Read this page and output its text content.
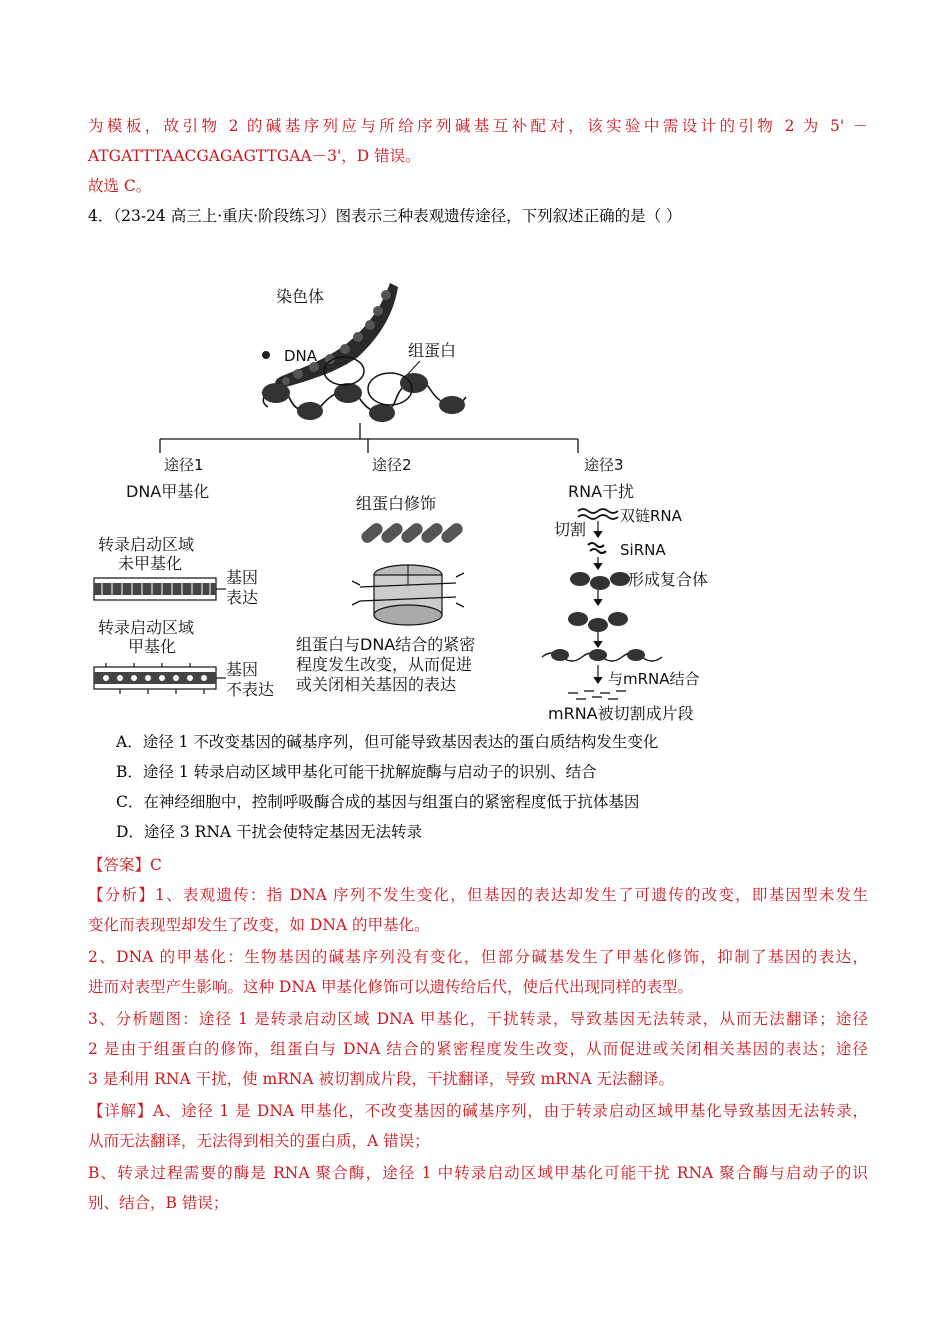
为模板，故引物 2 的碱基序列应与所给序列碱基互补配对，该实验中需设计的引物 2 为 5' －
ATGATTTAACGAGAGTTGAA－3'，D 错误。
故选 C。
4．（23-24 高三上·重庆·阶段练习）图表示三种表观遗传途径，下列叙述正确的是（ ）
染色体
DNA	组蛋白
途径1
DNA甲基化
转录启动区域
未甲基化
基因
表达
转录启动区域
甲基化
基因
不表达
途径2
组蛋白修饰
组蛋白与DNA结合的紧密
程度发生改变，从而促进
或关闭相关基因的表达
途径3
RNA干扰
双链RNA
切割
SiRNA
形成复合体
与mRNA结合
mRNA被切割成片段
A．途径 1 不改变基因的碱基序列，但可能导致基因表达的蛋白质结构发生变化
B．途径 1 转录启动区域甲基化可能干扰解旋酶与启动子的识别、结合
C．在神经细胞中，控制呼吸酶合成的基因与组蛋白的紧密程度低于抗体基因
D．途径 3 RNA 干扰会使特定基因无法转录
【答案】C
【分析】1、表观遗传：指 DNA 序列不发生变化，但基因的表达却发生了可遗传的改变，即基因型未发生
变化而表现型却发生了改变，如 DNA 的甲基化。
2、DNA 的甲基化：生物基因的碱基序列没有变化，但部分碱基发生了甲基化修饰，抑制了基因的表达，
进而对表型产生影响。这种 DNA 甲基化修饰可以遗传给后代，使后代出现同样的表型。
3、分析题图：途径 1 是转录启动区域 DNA 甲基化，干扰转录，导致基因无法转录，从而无法翻译；途径
2 是由于组蛋白的修饰，组蛋白与 DNA 结合的紧密程度发生改变，从而促进或关闭相关基因的表达；途径
3 是利用 RNA 干扰，使 mRNA 被切割成片段，干扰翻译，导致 mRNA 无法翻译。
【详解】A、途径 1 是 DNA 甲基化，不改变基因的碱基序列，由于转录启动区域甲基化导致基因无法转录，
从而无法翻译，无法得到相关的蛋白质，A 错误；
B、转录过程需要的酶是 RNA 聚合酶，途径 1 中转录启动区域甲基化可能干扰 RNA 聚合酶与启动子的识
别、结合，B 错误；
